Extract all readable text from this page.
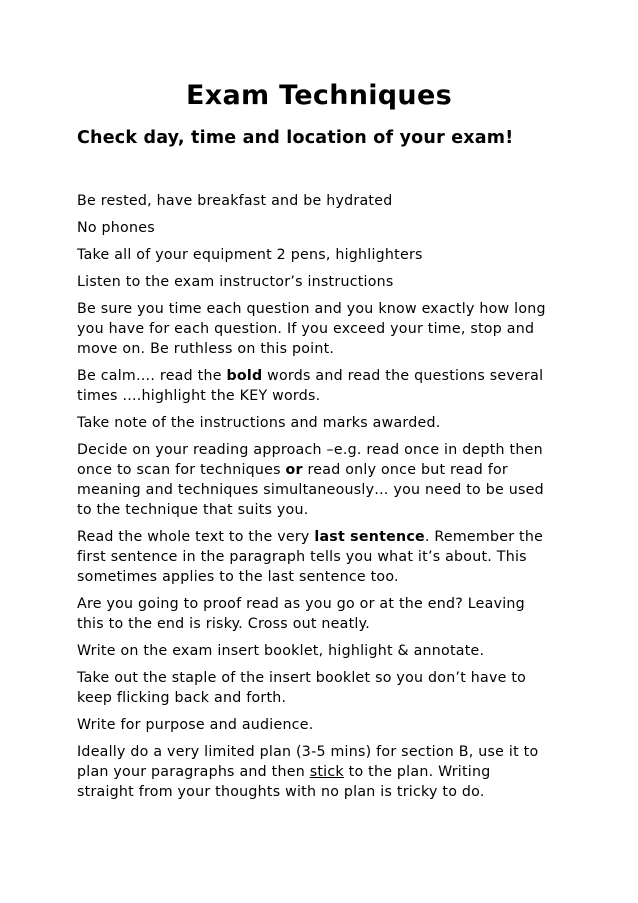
Exam Techniques
Check day, time and location of your exam!

Be rested, have breakfast and be hydrated

No phones

Take all of your equipment 2 pens, highlighters

Listen to the exam instructor’s instructions

Be sure you time each question and you know exactly how long
you have for each question. If you exceed your time, stop and
move on. Be ruthless on this point.

Be calm…. read the bold words and read the questions several
times ....highlight the KEY words.

Take note of the instructions and marks awarded.

Decide on your reading approach –e.g. read once in depth then
once to scan for techniques or read only once but read for
meaning and techniques simultaneously… you need to be used
to the technique that suits you.

Read the whole text to the very last sentence. Remember the
first sentence in the paragraph tells you what it’s about. This
sometimes applies to the last sentence too.

Are you going to proof read as you go or at the end? Leaving
this to the end is risky. Cross out neatly.

Write on the exam insert booklet, highlight & annotate.

Take out the staple of the insert booklet so you don’t have to
keep flicking back and forth.

Write for purpose and audience.

Ideally do a very limited plan (3-5 mins) for section B, use it to
plan your paragraphs and then stick to the plan. Writing
straight from your thoughts with no plan is tricky to do.
